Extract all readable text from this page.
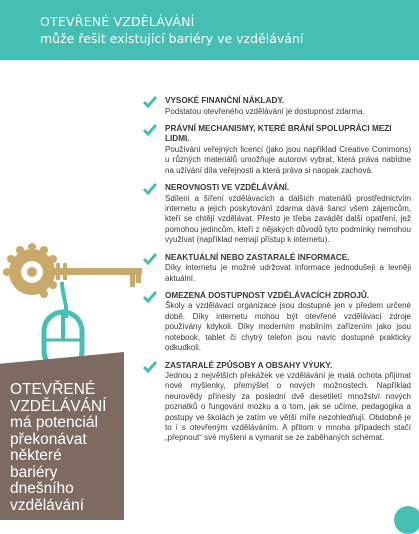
OTEVŘENÉ VZDĚLÁVÁNÍ
může řešit existující bariéry ve vzdělávání
OTEVŘENÉ
VZDĚLÁVÁNÍ
má potenciál
překonávat
některé
bariéry
dnešního
vzdělávání
VYSOKÉ FINANČNÍ NÁKLADY.
Podstatou otevřeného vzdělávání je dostupnost zdarma.
PRÁVNÍ MECHANISMY, KTERÉ BRÁNÍ SPOLUPRÁCI MEZI LIDMI.
Používání veřejných licencí (jako jsou například Creative Commons) u různých materiálů umožňuje autorovi vybrat, která práva nabídne na užívání díla veřejnosti a která práva si naopak zachová.
NEROVNOSTI VE VZDĚLÁVÁNÍ.
Sdílení a šíření vzdělávacích a dalších materiálů prostřednictvím internetu a jejich poskytování zdarma dává šanci všem zájemcům, kteří se chtějí vzdělávat. Přesto je třeba zavádět další opatření, jež pomohou jedincům, kteří z nějakých důvodů tyto podmínky nemohou využívat (například nemají přístup k internetu).
NEAKTUÁLNÍ NEBO ZASTARALÉ INFORMACE.
Díky internetu je možné udržovat informace jednodušeji a levněji aktuální.
OMEZENÁ DOSTUPNOST VZDĚLÁVACÍCH ZDROJŮ.
Školy a vzdělávací organizace jsou dostupné jen v předem určené době. Díky internetu mohou být otevřené vzdělávací zdroje používány kdykoli. Díky moderním mobilním zařízením jako jsou notebook, tablet či chytrý telefon jsou navíc dostupné prakticky odkudkoli.
ZASTARALÉ ZPŮSOBY A OBSAHY VÝUKY.
Jednou z největších překážek ve vzdělávání je malá ochota přijímat nové myšlenky, přemýšlet o nových možnostech. Například neurovědy přinesly za poslední dvě desetiletí množství nových poznatků o fungování mozku a o tom, jak se učíme, pedagogika a postupy ve školách je zatím ve větší míře nezohledňují. Obdobně je to i s otevřeným vzděláváním. A přitom v mnoha případech stačí „přepnout“ své myšlení a vymanit se ze zaběhaných schémat.
